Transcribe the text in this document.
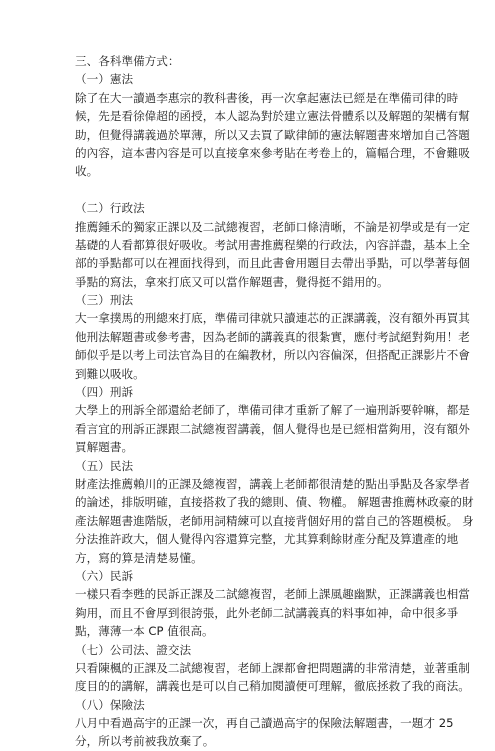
三、各科準備方式：
（一）憲法
除了在大一讀過李惠宗的教科書後，再一次拿起憲法已經是在準備司律的時
候，先是看徐偉超的函授，本人認為對於建立憲法骨體系以及解題的架構有幫
助，但覺得講義過於單薄，所以又去買了歐律師的憲法解題書來增加自己答題
的內容，這本書內容是可以直接拿來參考貼在考卷上的，篇幅合理，不會難吸
收。
（二）行政法
推薦鍾禾的獨家正課以及二試總複習，老師口條清晰，不論是初學或是有一定
基礎的人看都算很好吸收。考試用書推薦程樂的行政法，內容詳盡，基本上全
部的爭點都可以在裡面找得到，而且此書會用題目去帶出爭點，可以學著每個
爭點的寫法，拿來打底又可以當作解題書，覺得挺不錯用的。
（三）刑法
大一拿撲馬的刑總來打底，準備司律就只讀連芯的正課講義，沒有額外再買其
他刑法解題書或參考書，因為老師的講義真的很紮實，應付考試絕對夠用！老
師似乎是以考上司法官為目的在編教材，所以內容偏深，但搭配正課影片不會
到難以吸收。
（四）刑訴
大學上的刑訴全部還給老師了，準備司律才重新了解了一遍刑訴要幹嘛，都是
看言宜的刑訴正課跟二試總複習講義，個人覺得也是已經相當夠用，沒有額外
買解題書。
（五）民法
財產法推薦賴川的正課及總複習，講義上老師都很清楚的點出爭點及各家學者
的論述，排版明確，直接搭救了我的總則、債、物權。 解題書推薦林政豪的財
產法解題書進階版，老師用詞精練可以直接背個好用的當自己的答題模板。 身
分法推許政大，個人覺得內容還算完整，尤其算剩餘財產分配及算遺產的地
方，寫的算是清楚易懂。
（六）民訴
一樣只看李甦的民訴正課及二試總複習，老師上課風趣幽默，正課講義也相當
夠用，而且不會厚到很誇張，此外老師二試講義真的料事如神，命中很多爭
點，薄薄一本 CP 值很高。
（七）公司法、證交法
只看陳楓的正課及二試總複習，老師上課都會把問題講的非常清楚，並著重制
度目的的講解，講義也是可以自己稍加閱讀便可理解，徹底拯救了我的商法。
（八）保險法
八月中看過高宇的正課一次，再自己讀過高宇的保險法解題書，一題才 25
分，所以考前被我放棄了。
